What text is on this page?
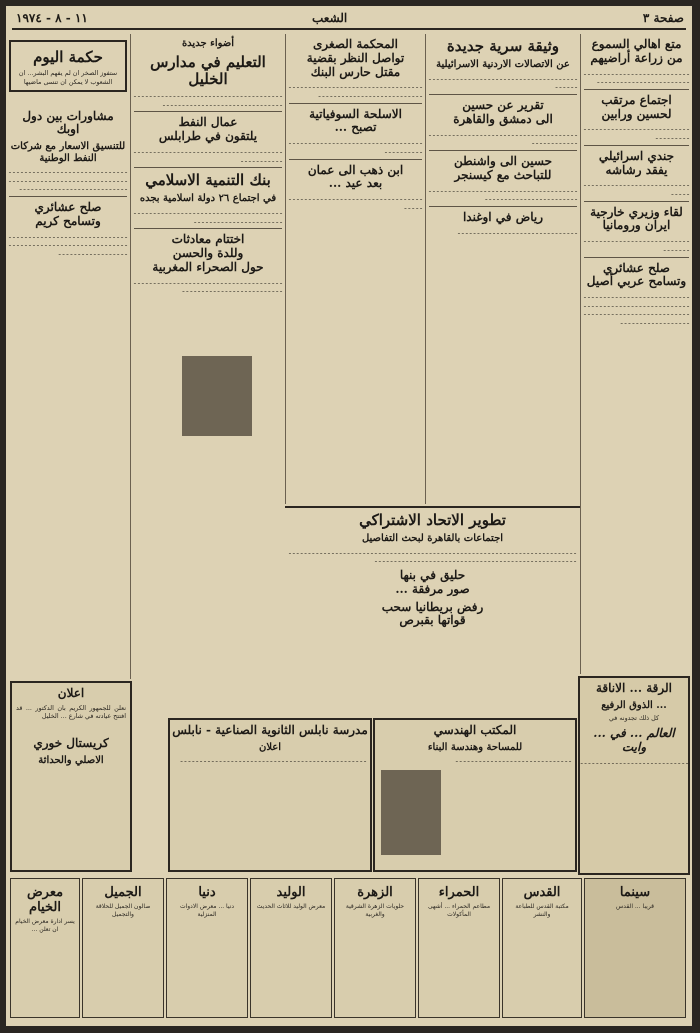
صفحة ٣
الشعب
١١ - ٨ - ١٩٧٤
متع اهالي السموع
من زراعة أراضيهم
ـ ـ ـ ـ ـ ـ ـ ـ ـ ـ ـ ـ ـ ـ ـ ـ ـ ـ ـ ـ ـ ـ ـ ـ ـ ـ ـ ـ ـ ـ ـ ـ ـ ـ ـ ـ ـ ـ ـ ـ ـ ـ ـ ـ ـ ـ ـ ـ ـ ـ ـ
اجتماع مرتقب
لحسين ورابين
ـ ـ ـ ـ ـ ـ ـ ـ ـ ـ ـ ـ ـ ـ ـ ـ ـ ـ ـ ـ ـ ـ ـ ـ ـ ـ ـ ـ ـ ـ ـ ـ ـ ـ ـ ـ
جندي اسرائيلي
يفقد رشاشه
ـ ـ ـ ـ ـ ـ ـ ـ ـ ـ ـ ـ ـ ـ ـ ـ ـ ـ ـ ـ ـ ـ ـ ـ ـ ـ ـ ـ ـ ـ ـ ـ
لقاء وزيري خارجية
ايران ورومانيا
ـ ـ ـ ـ ـ ـ ـ ـ ـ ـ ـ ـ ـ ـ ـ ـ ـ ـ ـ ـ ـ ـ ـ ـ ـ ـ ـ ـ ـ ـ ـ ـ ـ ـ
صلح عشائري
وتسامح عربي أصيل
ـ ـ ـ ـ ـ ـ ـ ـ ـ ـ ـ ـ ـ ـ ـ ـ ـ ـ ـ ـ ـ ـ ـ ـ ـ ـ ـ ـ ـ ـ ـ ـ ـ ـ ـ ـ ـ ـ ـ ـ ـ ـ ـ ـ ـ ـ ـ ـ ـ ـ ـ ـ ـ ـ ـ ـ ـ ـ ـ ـ ـ ـ ـ ـ ـ ـ ـ ـ ـ ـ ـ ـ ـ ـ ـ ـ ـ ـ ـ ـ ـ ـ ـ ـ ـ ـ ـ ـ ـ ـ ـ ـ ـ ـ ـ ـ ـ ـ ـ
الرقة ... الاناقة
... الذوق الرفيع
كل ذلك تجدونه في
العالم ... في ... وايت
ـ ـ ـ ـ ـ ـ ـ ـ ـ ـ ـ ـ ـ ـ ـ ـ ـ ـ ـ ـ ـ ـ ـ ـ ـ ـ ـ ـ
وثيقة سرية جديدة
عن الاتصالات الاردنية الاسرائيلية
ـ ـ ـ ـ ـ ـ ـ ـ ـ ـ ـ ـ ـ ـ ـ ـ ـ ـ ـ ـ ـ ـ ـ ـ ـ ـ ـ ـ ـ ـ ـ ـ ـ ـ ـ ـ ـ ـ ـ ـ ـ ـ ـ ـ
تقرير عن حسين
الى دمشق والقاهرة
ـ ـ ـ ـ ـ ـ ـ ـ ـ ـ ـ ـ ـ ـ ـ ـ ـ ـ ـ ـ ـ ـ ـ ـ ـ ـ ـ ـ ـ ـ ـ ـ ـ ـ ـ ـ ـ ـ ـ ـ ـ ـ ـ ـ ـ ـ ـ ـ ـ ـ
حسين الى واشنطن
للتباحث مع كيسنجر
ـ ـ ـ ـ ـ ـ ـ ـ ـ ـ ـ ـ ـ ـ ـ ـ ـ ـ ـ ـ ـ ـ ـ ـ ـ ـ ـ ـ ـ ـ ـ ـ ـ ـ ـ ـ ـ ـ ـ ـ ـ ـ ـ ـ ـ ـ ـ ـ ـ ـ ـ ـ ـ ـ ـ ـ ـ ـ ـ ـ ـ ـ
رياض في اوغندا
ـ ـ ـ ـ ـ ـ ـ ـ ـ ـ ـ ـ ـ ـ ـ ـ ـ ـ ـ ـ ـ ـ ـ ـ ـ ـ ـ ـ ـ ـ ـ
المحكمة الصغرى
تواصل النظر بقضية
مقتل حارس البنك
ـ ـ ـ ـ ـ ـ ـ ـ ـ ـ ـ ـ ـ ـ ـ ـ ـ ـ ـ ـ ـ ـ ـ ـ ـ ـ ـ ـ ـ ـ ـ ـ ـ ـ ـ ـ ـ ـ ـ ـ ـ ـ ـ ـ ـ ـ ـ ـ ـ ـ ـ ـ ـ ـ ـ ـ ـ ـ ـ ـ ـ
الاسلحة السوفياتية
تصبح ...
ـ ـ ـ ـ ـ ـ ـ ـ ـ ـ ـ ـ ـ ـ ـ ـ ـ ـ ـ ـ ـ ـ ـ ـ ـ ـ ـ ـ ـ ـ ـ ـ ـ ـ ـ ـ ـ ـ ـ ـ ـ ـ ـ ـ
ابن ذهب الى عمان
بعد عيد ...
ـ ـ ـ ـ ـ ـ ـ ـ ـ ـ ـ ـ ـ ـ ـ ـ ـ ـ ـ ـ ـ ـ ـ ـ ـ ـ ـ ـ ـ ـ ـ ـ ـ ـ ـ ـ ـ ـ ـ
أضواء جديدة
التعليم في مدارس الخليل
ـ ـ ـ ـ ـ ـ ـ ـ ـ ـ ـ ـ ـ ـ ـ ـ ـ ـ ـ ـ ـ ـ ـ ـ ـ ـ ـ ـ ـ ـ ـ ـ ـ ـ ـ ـ ـ ـ ـ ـ ـ ـ ـ ـ ـ ـ ـ ـ ـ ـ ـ ـ ـ ـ ـ ـ ـ ـ ـ ـ ـ ـ ـ ـ ـ ـ ـ ـ ـ
عمال النفط
يلتقون في طرابلس
ـ ـ ـ ـ ـ ـ ـ ـ ـ ـ ـ ـ ـ ـ ـ ـ ـ ـ ـ ـ ـ ـ ـ ـ ـ ـ ـ ـ ـ ـ ـ ـ ـ ـ ـ ـ ـ ـ ـ ـ ـ ـ ـ ـ ـ ـ ـ ـ ـ
بنك التنمية الاسلامي
في اجتماع ٢٦ دولة اسلامية بجده
ـ ـ ـ ـ ـ ـ ـ ـ ـ ـ ـ ـ ـ ـ ـ ـ ـ ـ ـ ـ ـ ـ ـ ـ ـ ـ ـ ـ ـ ـ ـ ـ ـ ـ ـ ـ ـ ـ ـ ـ ـ ـ ـ ـ ـ ـ ـ ـ ـ ـ ـ ـ ـ ـ ـ ـ ـ ـ ـ ـ ـ
اختتام معادثات
وللدة والحسن
حول الصحراء المغربية
ـ ـ ـ ـ ـ ـ ـ ـ ـ ـ ـ ـ ـ ـ ـ ـ ـ ـ ـ ـ ـ ـ ـ ـ ـ ـ ـ ـ ـ ـ ـ ـ ـ ـ ـ ـ ـ ـ ـ ـ ـ ـ ـ ـ ـ ـ ـ ـ ـ ـ ـ ـ ـ ـ ـ ـ ـ ـ ـ ـ ـ ـ ـ ـ
حكمة اليوم
ستفوز الصخر ان لم يفهم البشر... ان الشعوب لا يمكن ان تنسى ماضيها
مشاورات بين دول اوبك
للتنسيق الاسعار مع شركات النفط الوطنية
ـ ـ ـ ـ ـ ـ ـ ـ ـ ـ ـ ـ ـ ـ ـ ـ ـ ـ ـ ـ ـ ـ ـ ـ ـ ـ ـ ـ ـ ـ ـ ـ ـ ـ ـ ـ ـ ـ ـ ـ ـ ـ ـ ـ ـ ـ ـ ـ ـ ـ ـ ـ ـ ـ ـ ـ ـ ـ ـ ـ ـ ـ ـ ـ ـ ـ ـ ـ ـ ـ ـ ـ ـ ـ ـ ـ ـ ـ ـ ـ ـ ـ ـ ـ ـ ـ ـ ـ
صلح عشائري
وتسامح كريم
ـ ـ ـ ـ ـ ـ ـ ـ ـ ـ ـ ـ ـ ـ ـ ـ ـ ـ ـ ـ ـ ـ ـ ـ ـ ـ ـ ـ ـ ـ ـ ـ ـ ـ ـ ـ ـ ـ ـ ـ ـ ـ ـ ـ ـ ـ ـ ـ ـ ـ ـ ـ ـ ـ ـ ـ ـ ـ ـ ـ ـ ـ ـ ـ ـ ـ ـ ـ ـ ـ ـ ـ ـ ـ ـ ـ ـ ـ
تطوير الاتحاد الاشتراكي
اجتماعات بالقاهرة لبحث التفاصيل
ـ ـ ـ ـ ـ ـ ـ ـ ـ ـ ـ ـ ـ ـ ـ ـ ـ ـ ـ ـ ـ ـ ـ ـ ـ ـ ـ ـ ـ ـ ـ ـ ـ ـ ـ ـ ـ ـ ـ ـ ـ ـ ـ ـ ـ ـ ـ ـ ـ ـ ـ ـ ـ ـ ـ ـ ـ ـ ـ ـ ـ ـ ـ ـ ـ ـ ـ ـ ـ ـ ـ ـ ـ ـ ـ ـ ـ ـ ـ ـ ـ ـ ـ ـ ـ ـ ـ ـ ـ ـ ـ ـ ـ ـ ـ ـ ـ ـ ـ ـ ـ ـ ـ ـ ـ ـ ـ ـ ـ ـ ـ ـ ـ ـ ـ ـ ـ ـ ـ ـ ـ ـ ـ ـ ـ ـ
حليق في بنها
صور مرفقة ...
رفض بريطانيا سحب
قواتها بقبرص
مدرسة نابلس الثانوية الصناعية - نابلس
اعلان
ـ ـ ـ ـ ـ ـ ـ ـ ـ ـ ـ ـ ـ ـ ـ ـ ـ ـ ـ ـ ـ ـ ـ ـ ـ ـ ـ ـ ـ ـ ـ ـ ـ ـ ـ ـ ـ ـ ـ ـ ـ ـ ـ ـ ـ ـ ـ ـ
المكتب الهندسي
للمساحة وهندسة البناء
ـ ـ ـ ـ ـ ـ ـ ـ ـ ـ ـ ـ ـ ـ ـ ـ ـ ـ ـ ـ ـ ـ ـ ـ ـ ـ ـ ـ ـ ـ
اعلان
نعلن للجمهور الكريم بان الدكتور ... قد افتتح عيادته في شارع ... الخليل
كريستال خوري
الاصلي والحداثة
معرض الخيام
يسر ادارة معرض الخيام ان تعلن ...
الجميل
صالون الجميل للحلاقة والتجميل
دنيا
دنيا ... معرض الادوات المنزلية
الوليد
معرض الوليد للاثاث الحديث
الزهرة
حلويات الزهرة الشرقية والغربية
الحمراء
مطاعم الحمراء ... أشهى المأكولات
القدس
مكتبة القدس للطباعة والنشر
سينما
قريبا ... القدس
